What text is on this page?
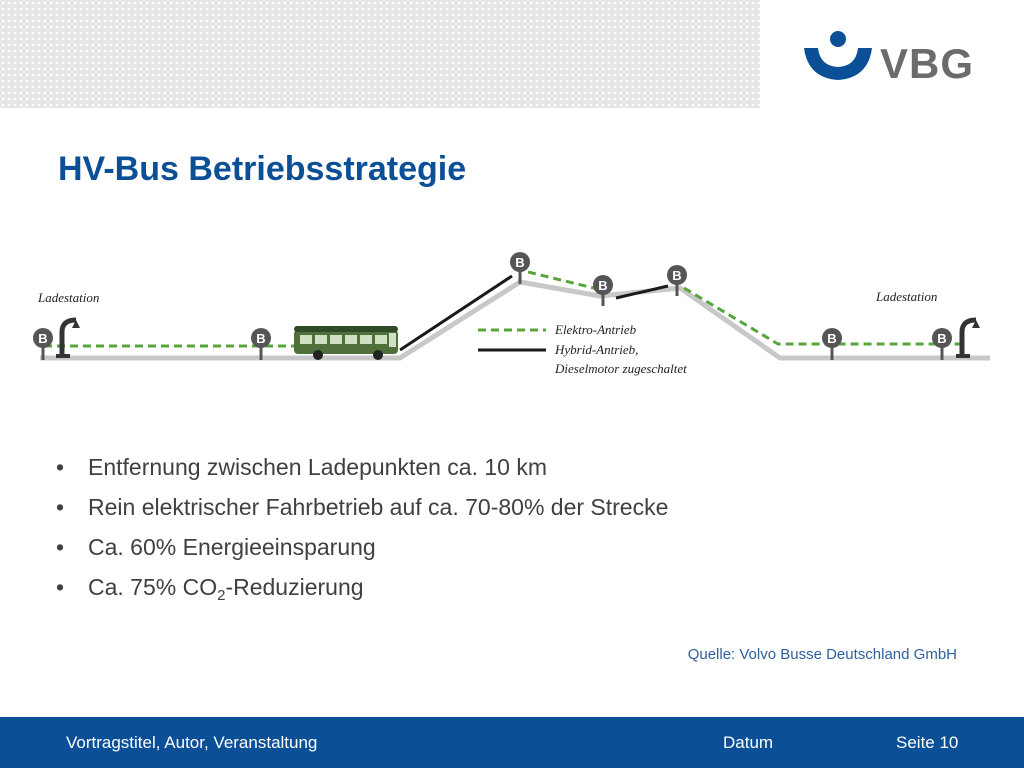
VBG
HV-Bus Betriebsstrategie
Ladestation	Ladestation
B	B
B
B
B
B	B
Elektro-Antrieb
Hybrid-Antrieb,
Dieselmotor zugeschaltet
• Entfernung zwischen Ladepunkten ca. 10 km
• Rein elektrischer Fahrbetrieb auf ca. 70-80% der Strecke
• Ca. 60% Energieeinsparung
• Ca. 75% $CO_2$-Reduzierung
Quelle: Volvo Busse Deutschland GmbH
Vortragstitel, Autor, Veranstaltung	Datum	Seite 10
